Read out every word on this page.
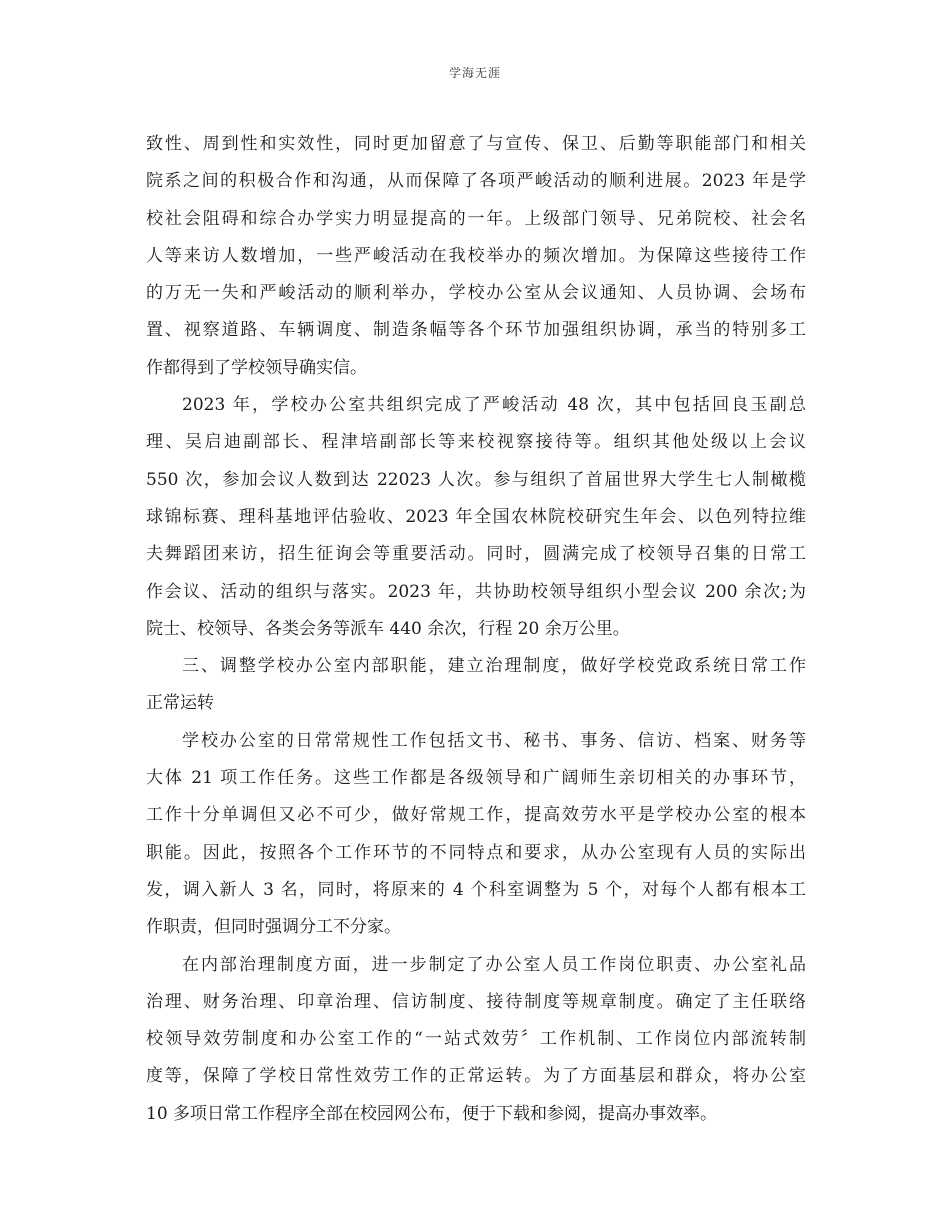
学海无涯
致性、周到性和实效性，同时更加留意了与宣传、保卫、后勤等职能部门和相关
院系之间的积极合作和沟通，从而保障了各项严峻活动的顺利进展。2023 年是学
校社会阻碍和综合办学实力明显提高的一年。上级部门领导、兄弟院校、社会名
人等来访人数增加，一些严峻活动在我校举办的频次增加。为保障这些接待工作
的万无一失和严峻活动的顺利举办，学校办公室从会议通知、人员协调、会场布
置、视察道路、车辆调度、制造条幅等各个环节加强组织协调，承当的特别多工
作都得到了学校领导确实信。
2023 年，学校办公室共组织完成了严峻活动 48 次，其中包括回良玉副总
理、吴启迪副部长、程津培副部长等来校视察接待等。组织其他处级以上会议
550 次，参加会议人数到达 22023 人次。参与组织了首届世界大学生七人制橄榄
球锦标赛、理科基地评估验收、2023 年全国农林院校研究生年会、以色列特拉维
夫舞蹈团来访，招生征询会等重要活动。同时，圆满完成了校领导召集的日常工
作会议、活动的组织与落实。2023 年，共协助校领导组织小型会议 200 余次;为
院士、校领导、各类会务等派车 440 余次，行程 20 余万公里。
三、调整学校办公室内部职能，建立治理制度，做好学校党政系统日常工作
正常运转
学校办公室的日常常规性工作包括文书、秘书、事务、信访、档案、财务等
大体 21 项工作任务。这些工作都是各级领导和广阔师生亲切相关的办事环节，
工作十分单调但又必不可少，做好常规工作，提高效劳水平是学校办公室的根本
职能。因此，按照各个工作环节的不同特点和要求，从办公室现有人员的实际出
发，调入新人 3 名，同时，将原来的 4 个科室调整为 5 个，对每个人都有根本工
作职责，但同时强调分工不分家。
在内部治理制度方面，进一步制定了办公室人员工作岗位职责、办公室礼品
治理、财务治理、印章治理、信访制度、接待制度等规章制度。确定了主任联络
校领导效劳制度和办公室工作的“一站式效劳〞工作机制、工作岗位内部流转制
度等，保障了学校日常性效劳工作的正常运转。为了方面基层和群众，将办公室
10 多项日常工作程序全部在校园网公布，便于下载和参阅，提高办事效率。
